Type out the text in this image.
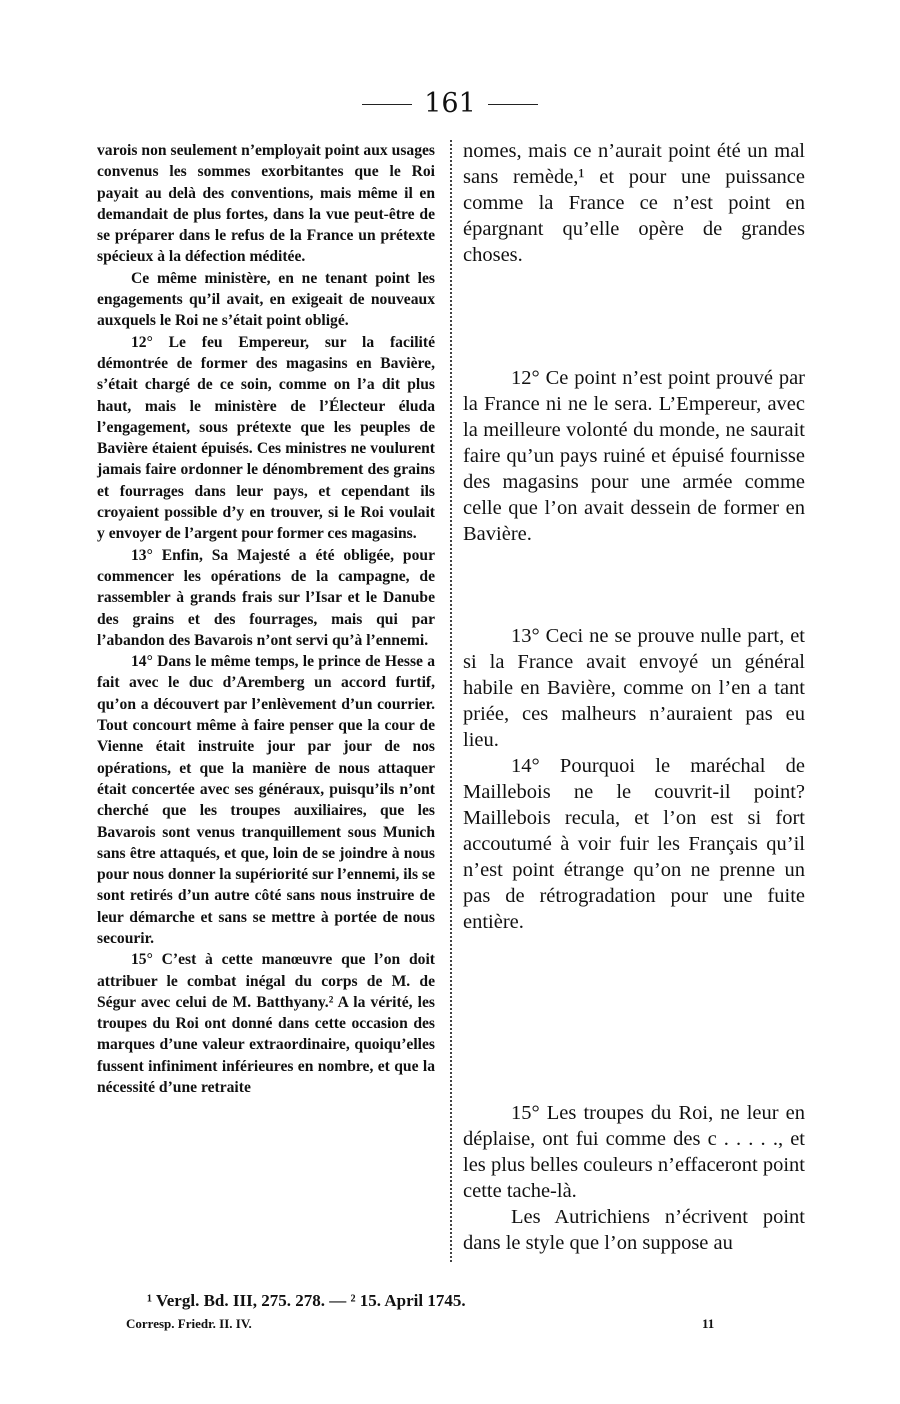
161

varois non seulement n’employait point aux usages convenus les sommes exorbitantes que le Roi payait au delà des conventions, mais même il en demandait de plus fortes, dans la vue peut-être de se préparer dans le refus de la France un prétexte spécieux à la défection méditée.

Ce même ministère, en ne tenant point les engagements qu’il avait, en exigeait de nouveaux auxquels le Roi ne s’était point obligé.

12° Le feu Empereur, sur la facilité démontrée de former des magasins en Bavière, s’était chargé de ce soin, comme on l’a dit plus haut, mais le ministère de l’Électeur éluda l’engagement, sous prétexte que les peuples de Bavière étaient épuisés. Ces ministres ne voulurent jamais faire ordonner le dénombrement des grains et fourrages dans leur pays, et cependant ils croyaient possible d’y en trouver, si le Roi voulait y envoyer de l’argent pour former ces magasins.

13° Enfin, Sa Majesté a été obligée, pour commencer les opérations de la campagne, de rassembler à grands frais sur l’Isar et le Danube des grains et des fourrages, mais qui par l’abandon des Bavarois n’ont servi qu’à l’ennemi.

14° Dans le même temps, le prince de Hesse a fait avec le duc d’Aremberg un accord furtif, qu’on a découvert par l’enlèvement d’un courrier. Tout concourt même à faire penser que la cour de Vienne était instruite jour par jour de nos opérations, et que la manière de nous attaquer était concertée avec ses généraux, puisqu’ils n’ont cherché que les troupes auxiliaires, que les Bavarois sont venus tranquillement sous Munich sans être attaqués, et que, loin de se joindre à nous pour nous donner la supériorité sur l’ennemi, ils se sont retirés d’un autre côté sans nous instruire de leur démarche et sans se mettre à portée de nous secourir.

15° C’est à cette manœuvre que l’on doit attribuer le combat inégal du corps de M. de Ségur avec celui de M. Batthyany.² A la vérité, les troupes du Roi ont donné dans cette occasion des marques d’une valeur extraordinaire, quoiqu’elles fussent infiniment inférieures en nombre, et que la nécessité d’une retraite

nomes, mais ce n’aurait point été un mal sans remède,¹ et pour une puissance comme la France ce n’est point en épargnant qu’elle opère de grandes choses.

12° Ce point n’est point prouvé par la France ni ne le sera. L’Empereur, avec la meilleure volonté du monde, ne saurait faire qu’un pays ruiné et épuisé fournisse des magasins pour une armée comme celle que l’on avait dessein de former en Bavière.

13° Ceci ne se prouve nulle part, et si la France avait envoyé un général habile en Bavière, comme on l’en a tant priée, ces malheurs n’auraient pas eu lieu.

14° Pourquoi le maréchal de Maillebois ne le couvrit-il point? Maillebois recula, et l’on est si fort accoutumé à voir fuir les Français qu’il n’est point étrange qu’on ne prenne un pas de rétrogradation pour une fuite entière.

15° Les troupes du Roi, ne leur en déplaise, ont fui comme des c . . . . ., et les plus belles couleurs n’effaceront point cette tache-là.

Les Autrichiens n’écrivent point dans le style que l’on suppose au

¹ Vergl. Bd. III, 275. 278. — ² 15. April 1745.
Corresp. Friedr. II. IV.	11
